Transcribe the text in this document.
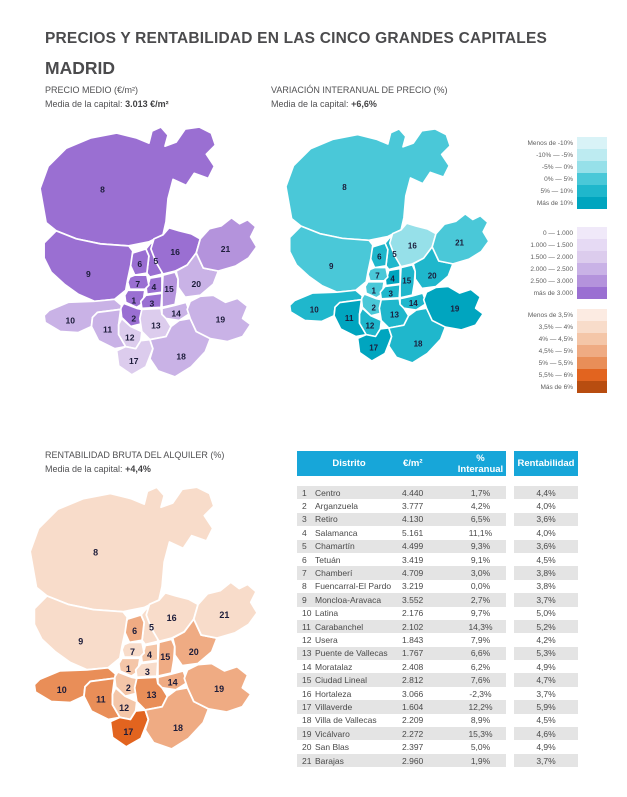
PRECIOS Y RENTABILIDAD EN LAS CINCO GRANDES CAPITALES
MADRID
PRECIO MEDIO (€/m²)
Media de la capital: 3.013 €/m²
VARIACIÓN INTERANUAL DE PRECIO (%)
Media de la capital: +6,6%
RENTABILIDAD BRUTA DEL ALQUILER (%)
Media de la capital: +4,4%
1
2
3
4
5
6
7
8
9
10
11
12
13
14
15
16
17	18
19
20
21
1
2
3
4
5
6
7
8
9
10
11
12
13
14
15
16
17	18
19
20
21
1
2
3
4
5
6
7
8
9
10
11
12
13
14
15
16
17	18
19
20
21
Menos de -10%
-10% — -5%
-5% — 0%
0% — 5%
5% — 10%
Más de 10%
0 — 1.000
1.000 — 1.500
1.500 — 2.000
2.000 — 2.500
2.500 — 3.000
más de 3.000
Menos de 3,5%
3,5% — 4%
4% — 4,5%
4,5% — 5%
5% — 5,5%
5,5% — 6%
Más de 6%
Distrito	€/m²	% Interanual	Rentabilidad
1 Centro	4.440	1,7%	4,4%
2 Arganzuela	3.777	4,2%	4,0%
3 Retiro	4.130	6,5%	3,6%
4 Salamanca	5.161	11,1%	4,0%
5 Chamartín	4.499	9,3%	3,6%
6 Tetuán	3.419	9,1%	4,5%
7 Chamberí	4.709	3,0%	3,8%
8 Fuencarral-El Pardo	3.219	0,0%	3,8%
9 Moncloa-Aravaca	3.552	2,7%	3,7%
10 Latina	2.176	9,7%	5,0%
11 Carabanchel	2.102	14,3%	5,2%
12 Usera	1.843	7,9%	4,2%
13 Puente de Vallecas	1.767	6,6%	5,3%
14 Moratalaz	2.408	6,2%	4,9%
15 Ciudad Lineal	2.812	7,6%	4,7%
16 Hortaleza	3.066	-2,3%	3,7%
17 Villaverde	1.604	12,2%	5,9%
18 Villa de Vallecas	2.209	8,9%	4,5%
19 Vicálvaro	2.272	15,3%	4,6%
20 San Blas	2.397	5,0%	4,9%
21 Barajas	2.960	1,9%	3,7%
